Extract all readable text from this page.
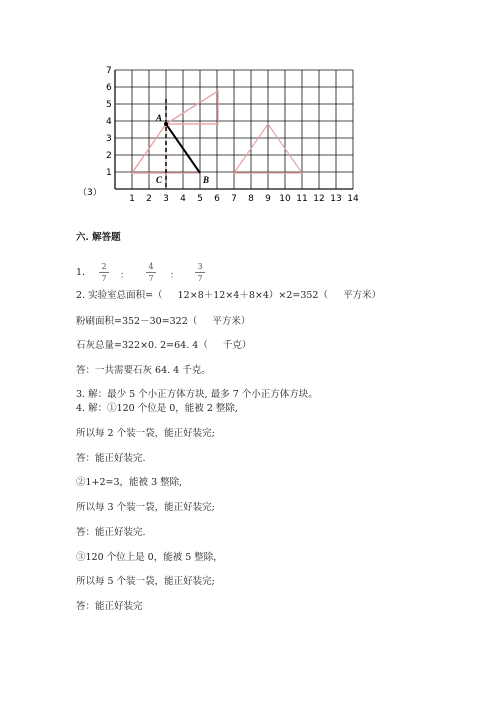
A
B
C
（3）
1
2
3
4
5
6
7
1 2 3 4 5 6 7 8 9 10 11 12 13 14
六. 解答题
1.
2
7 ：
4
7 ：
3
7
2. 实验室总面积=（     12×8＋12×4＋8×4）×2=352（     平方米）
粉刷面积=352－30=322（     平方米）
石灰总量=322×0. 2=64. 4（     千克）
答：一共需要石灰 64. 4 千克。
3. 解：最少 5 个小正方体方块, 最多 7 个小正方体方块。
4. 解：①120 个位是 0，能被 2 整除,
所以每 2 个装一袋，能正好装完;
答：能正好装完.
②1+2=3，能被 3 整除,
所以每 3 个装一袋，能正好装完;
答：能正好装完.
③120 个位上是 0，能被 5 整除，
所以每 5 个装一袋，能正好装完;
答：能正好装完
